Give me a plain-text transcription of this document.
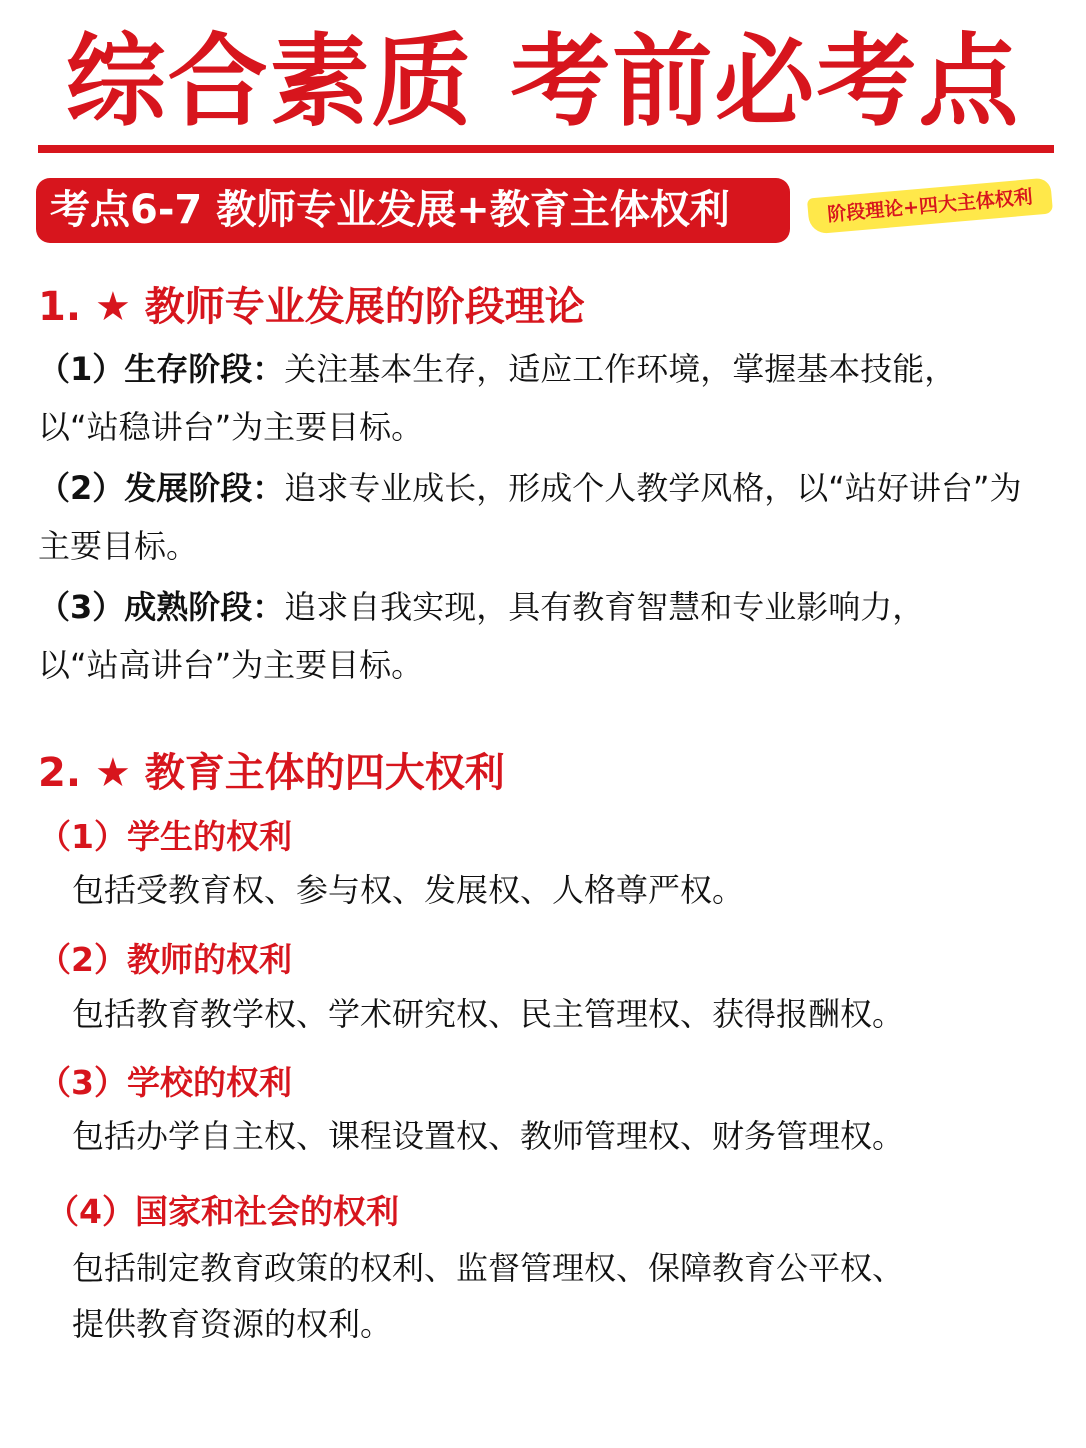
综合素质 考前必考点
考点6-7 教师专业发展+教育主体权利	阶段理论+四大主体权利
1. ★ 教师专业发展的阶段理论
（1）生存阶段：关注基本生存，适应工作环境，掌握基本技能，
以“站稳讲台”为主要目标。
（2）发展阶段：追求专业成长，形成个人教学风格，以“站好讲台”为
主要目标。
（3）成熟阶段：追求自我实现，具有教育智慧和专业影响力，
以“站高讲台”为主要目标。
2. ★ 教育主体的四大权利
（1）学生的权利
包括受教育权、参与权、发展权、人格尊严权。
（2）教师的权利
包括教育教学权、学术研究权、民主管理权、获得报酬权。
（3）学校的权利
包括办学自主权、课程设置权、教师管理权、财务管理权。
（4）国家和社会的权利
包括制定教育政策的权利、监督管理权、保障教育公平权、
提供教育资源的权利。
